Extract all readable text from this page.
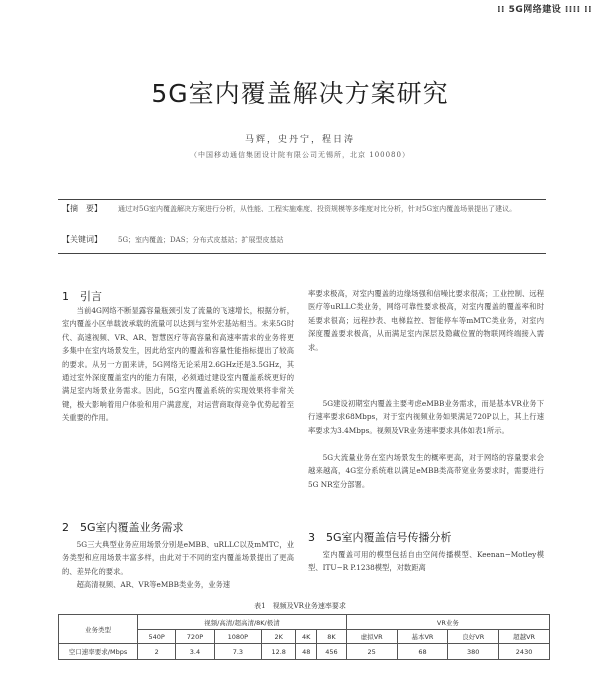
⁞⁞ 5G网络建设 ⁞⁞⁞⁞ ⁞⁞
5G室内覆盖解决方案研究
马辉，史丹宁，程日涛
（中国移动通信集团设计院有限公司无锡所，北京 100080）
【摘　要】 通过对5G室内覆盖解决方案进行分析，从性能、工程实施难度、投资规模等多维度对比分析，针对5G室内覆盖场景提出了建议。
【关键词】 5G；室内覆盖；DAS；分布式皮基站；扩展型皮基站
1　引言
当前4G网络不断显露容量瓶颈引发了流量的飞速增长，根据分析，室内覆盖小区单载波承载的流量可以达到与室外宏基站相当。未来5G时代、高速视频、VR、AR、智慧医疗等高容量和高速率需求的业务将更多集中在室内场景发生，因此给室内的覆盖和容量性能指标提出了较高的要求。从另一方面来讲，5G网络无论采用2.6GHz还是3.5GHz，其通过室外深度覆盖室内的能力有限，必须通过建设室内覆盖系统更好的满足室内场景业务需求。因此，5G室内覆盖系统的实现效果将非常关键，极大影响着用户体验和用户满意度，对运营商取得竞争优势起着至关重要的作用。
2　5G室内覆盖业务需求
5G三大典型业务应用场景分别是eMBB、uRLLC以及mMTC，业务类型和应用场景丰富多样，由此对于不同的室内覆盖场景提出了更高的、差异化的要求。
超高清视频、AR、VR等eMBB类业务，业务速
率要求极高，对室内覆盖的边缘场强和信噪比要求很高；工业控制、远程医疗等uRLLC类业务，网络可靠性要求极高，对室内覆盖的覆盖率和时延要求很高；远程抄表、电梯监控、智能停车等mMTC类业务，对室内深度覆盖要求极高，从而满足室内深层及隐藏位置的物联网终端接入需求。
5G建设初期室内覆盖主要考虑eMBB业务需求，而是基本VR业务下行速率要求68Mbps，对于室内视频业务如果满足720P以上，其上行速率要求为3.4Mbps。视频及VR业务速率要求具体如表1所示。
5G大流量业务在室内场景发生的概率更高，对于网络的容量要求会越来越高，4G室分系统难以满足eMBB类高带宽业务要求时，需要进行5G NR室分部署。
3　5G室内覆盖信号传播分析
室内覆盖可用的模型包括自由空间传播模型、Keenan−Motley模型、ITU−R P.1238模型，对数距离
表1　视频及VR业务速率要求
业务类型	视频/高清/超高清/8K/极清						VR业务			
	540P	720P	1080P	2K	4K	8K	虚拟VR	基本VR	良好VR	超越VR
空口速率要求/Mbps	2	3.4	7.3	12.8	48	456	25	68	380	2430
